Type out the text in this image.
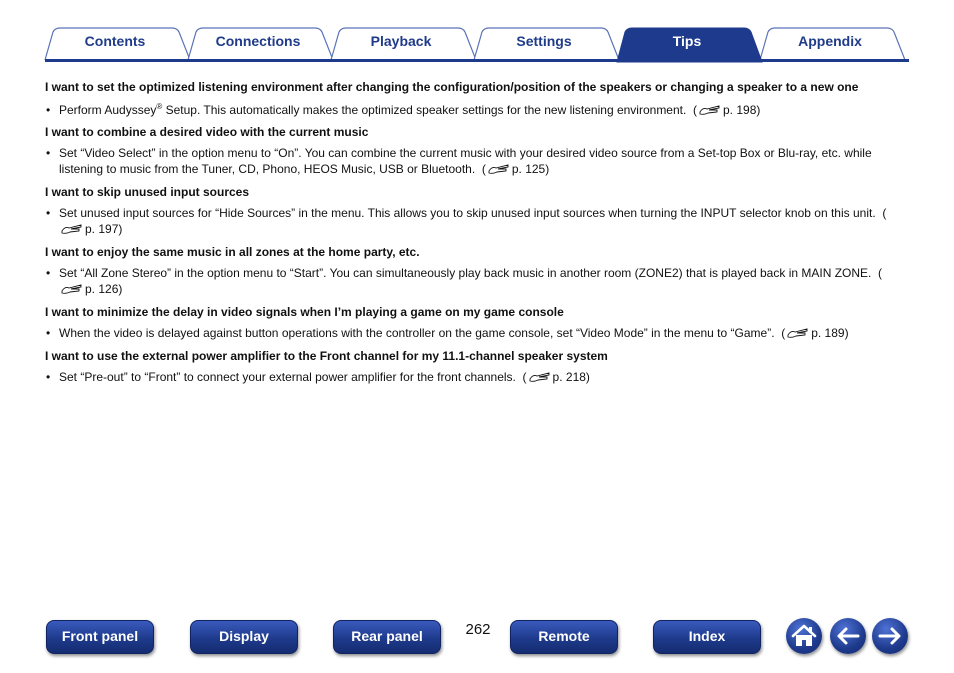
Contents	Connections	Playback	Settings	Tips	Appendix

I want to set the optimized listening environment after changing the configuration/position of the speakers or changing a speaker to a new one

• Perform Audyssey® Setup. This automatically makes the optimized speaker settings for the new listening environment. ( p. 198)

I want to combine a desired video with the current music

• Set “Video Select” in the option menu to “On”. You can combine the current music with your desired video source from a Set-top Box or Blu-ray, etc. while listening to music from the Tuner, CD, Phono, HEOS Music, USB or Bluetooth. ( p. 125)

I want to skip unused input sources

• Set unused input sources for “Hide Sources” in the menu. This allows you to skip unused input sources when turning the INPUT selector knob on this unit. (p. 197)

I want to enjoy the same music in all zones at the home party, etc.

• Set “All Zone Stereo” in the option menu to “Start”. You can simultaneously play back music in another room (ZONE2) that is played back in MAIN ZONE. (p. 126)

I want to minimize the delay in video signals when I’m playing a game on my game console

• When the video is delayed against button operations with the controller on the game console, set “Video Mode” in the menu to “Game”. ( p. 189)

I want to use the external power amplifier to the Front channel for my 11.1-channel speaker system

• Set “Pre-out” to “Front” to connect your external power amplifier for the front channels. ( p. 218)

Front panel	Display	Rear panel	262	Remote	Index
